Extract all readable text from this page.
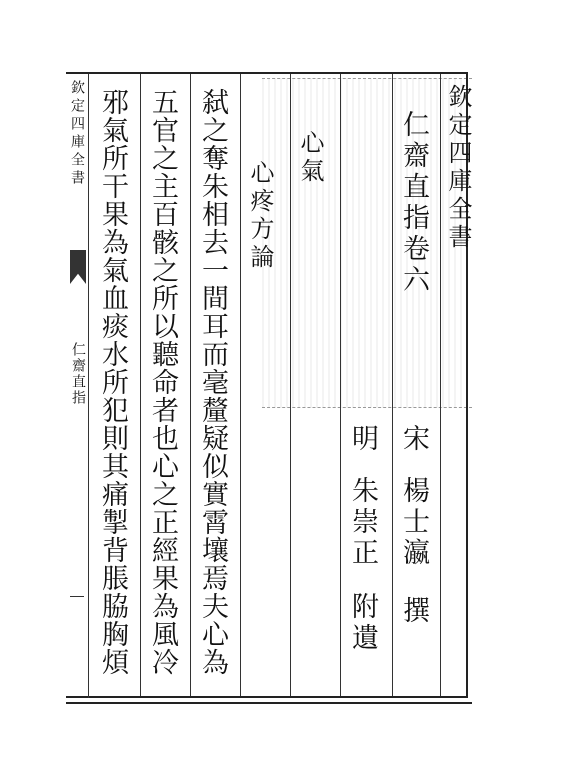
欽定四庫全書
仁齋直指
欽定四庫全書
仁齋直指卷六
宋
楊士瀛
撰
明
朱崇正
附遺
心氣
心疼方論
弑之奪朱相去一間耳而毫釐疑似實霄壤焉夫心為
五官之主百骸之所以聽命者也心之正經果為風冷
邪氣所干果為氣血痰水所犯則其痛掣背脹脇胸煩
